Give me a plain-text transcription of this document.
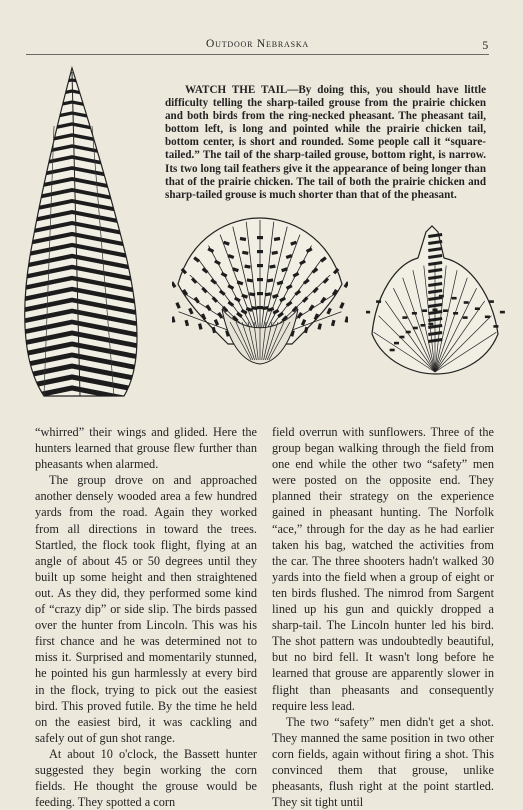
Outdoor Nebraska	5
WATCH THE TAIL—By doing this, you should have little difficulty telling the sharp-tailed grouse from the prairie chicken and both birds from the ring-necked pheasant. The pheasant tail, bottom left, is long and pointed while the prairie chicken tail, bottom center, is short and rounded. Some people call it “square-tailed.” The tail of the sharp-tailed grouse, bottom right, is narrow. Its two long tail feathers give it the appearance of being longer than that of the prairie chicken. The tail of both the prairie chicken and sharp-tailed grouse is much shorter than that of the pheasant.

“whirred” their wings and glided. Here the hunters learned that grouse flew further than pheasants when alarmed.

The group drove on and approached another densely wooded area a few hundred yards from the road. Again they worked from all directions in toward the trees. Startled, the flock took flight, flying at an angle of about 45 or 50 degrees until they built up some height and then straightened out. As they did, they performed some kind of “crazy dip” or side slip. The birds passed over the hunter from Lincoln. This was his first chance and he was determined not to miss it. Surprised and momentarily stunned, he pointed his gun harmlessly at every bird in the flock, trying to pick out the easiest bird. This proved futile. By the time he held on the easiest bird, it was cackling and safely out of gun shot range.

At about 10 o'clock, the Bassett hunter suggested they begin working the corn fields. He thought the grouse would be feeding. They spotted a corn

field overrun with sunflowers. Three of the group began walking through the field from one end while the other two “safety” men were posted on the opposite end. They planned their strategy on the experience gained in pheasant hunting. The Norfolk “ace,” through for the day as he had earlier taken his bag, watched the activities from the car. The three shooters hadn't walked 30 yards into the field when a group of eight or ten birds flushed. The nimrod from Sargent lined up his gun and quickly dropped a sharp-tail. The Lincoln hunter led his bird. The shot pattern was undoubtedly beautiful, but no bird fell. It wasn't long before he learned that grouse are apparently slower in flight than pheasants and consequently require less lead.

The two “safety” men didn't get a shot. They manned the same position in two other corn fields, again without firing a shot. This convinced them that grouse, unlike pheasants, flush right at the point startled. They sit tight until
